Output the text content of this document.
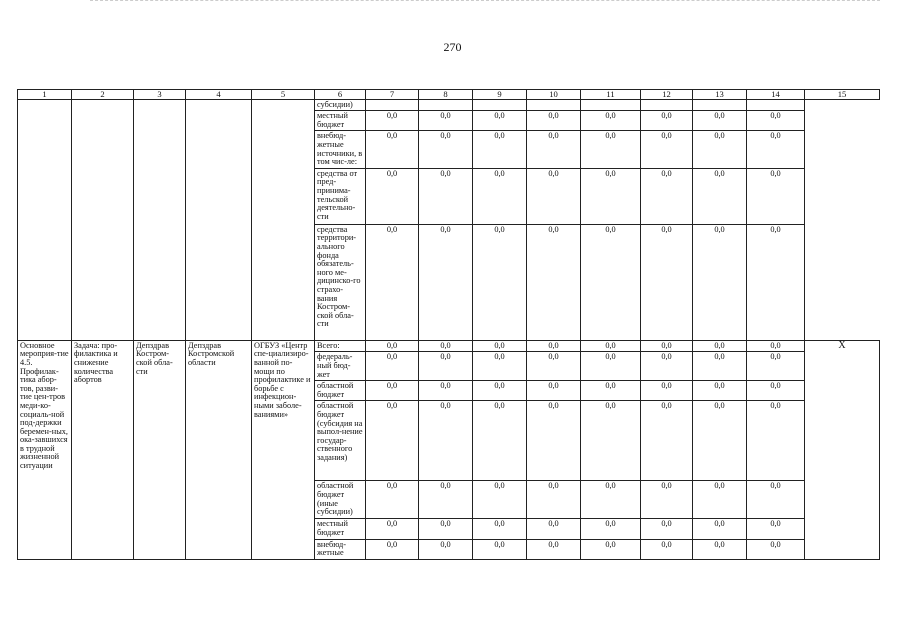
270
1	2	3	4	5	6	7	8	9	10	11	12	13	14	15
					субсидии)									
					местный бюджет	0,0	0,0	0,0	0,0	0,0	0,0	0,0	0,0	
					внебюд-жетные источники, в том чис-ле:	0,0	0,0	0,0	0,0	0,0	0,0	0,0	0,0	
					средства от пред-принима-тельской деятельно-сти	0,0	0,0	0,0	0,0	0,0	0,0	0,0	0,0	
					средства территори-ального фонда обязатель-ного ме-дицинско-го страхо-вания Костром-ской обла-сти	0,0	0,0	0,0	0,0	0,0	0,0	0,0	0,0	
Основное мероприя-тие 4.5. Профилак-тика абор-тов, разви-тие цен-тров меди-ко-социаль-ной под-держки беремен-ных, ока-завшихся в трудной жизненной ситуации	Задача: про-филактика и снижение количества абортов	Депздрав Костром-ской обла-сти	Депздрав Костромской области	ОГБУЗ «Центр спе-циализиро-ванной по-мощи по профилактике и борьбе с инфекцион-ными заболе-ваниями»	Всего:	0,0	0,0	0,0	0,0	0,0	0,0	0,0	0,0	Х
					федераль-ный бюд-жет	0,0	0,0	0,0	0,0	0,0	0,0	0,0	0,0	
					областной бюджет	0,0	0,0	0,0	0,0	0,0	0,0	0,0	0,0	
					областной бюджет (субсидия на выпол-нение государ-ственного задания)	0,0	0,0	0,0	0,0	0,0	0,0	0,0	0,0	
					областной бюджет (иные субсидии)	0,0	0,0	0,0	0,0	0,0	0,0	0,0	0,0	
					местный бюджет	0,0	0,0	0,0	0,0	0,0	0,0	0,0	0,0	
					внебюд-жетные	0,0	0,0	0,0	0,0	0,0	0,0	0,0	0,0	
